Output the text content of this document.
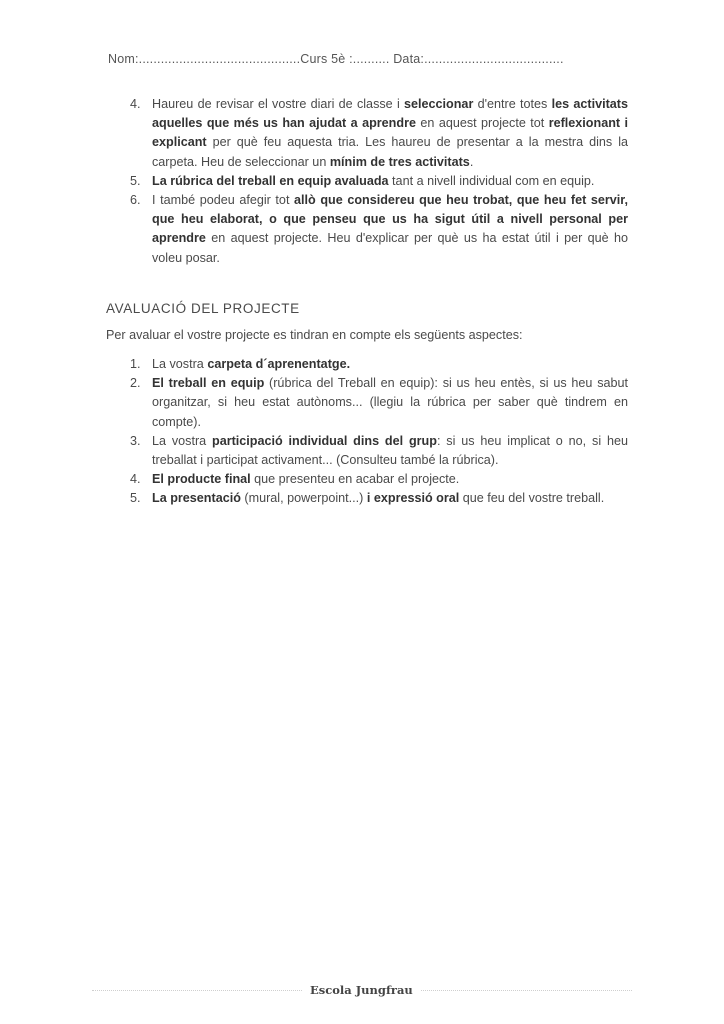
Nom:............................................Curs 5è :.......... Data:......................................
4. Haureu de revisar el vostre diari de classe i seleccionar d'entre totes les activitats aquelles que més us han ajudat a aprendre en aquest projecte tot reflexionant i explicant per què feu aquesta tria. Les haureu de presentar a la mestra dins la carpeta. Heu de seleccionar un mínim de tres activitats.
5. La rúbrica del treball en equip avaluada tant a nivell individual com en equip.
6. I també podeu afegir tot allò que considereu que heu trobat, que heu fet servir, que heu elaborat, o que penseu que us ha sigut útil a nivell personal per aprendre en aquest projecte. Heu d'explicar per què us ha estat útil i per què ho voleu posar.
AVALUACIÓ DEL PROJECTE
Per avaluar el vostre projecte es tindran en compte els següents aspectes:
1. La vostra carpeta d´aprenentatge.
2. El treball en equip (rúbrica del Treball en equip): si us heu entès, si us heu sabut organitzar, si heu estat autònoms... (llegiu la rúbrica per saber què tindrem en compte).
3. La vostra participació individual dins del grup: si us heu implicat o no, si heu treballat i participat activament... (Consulteu també la rúbrica).
4. El producte final que presenteu en acabar el projecte.
5. La presentació (mural, powerpoint...) i expressió oral que feu del vostre treball.
Escola Jungfrau
